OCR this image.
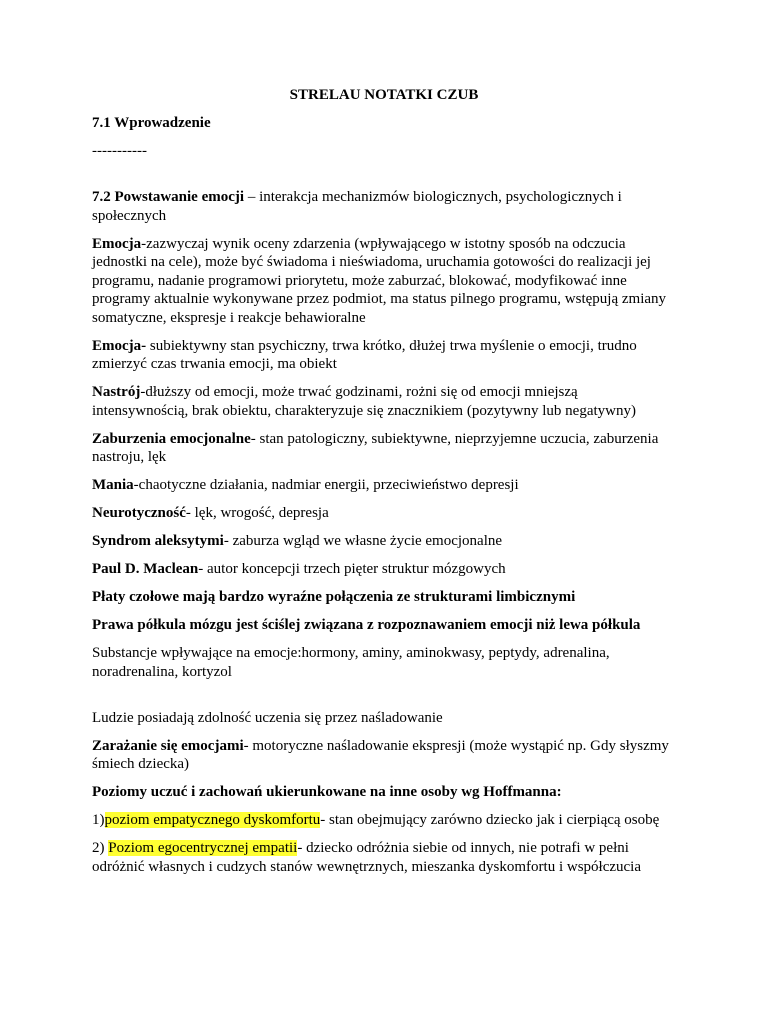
STRELAU NOTATKI CZUB

7.1 Wprowadzenie

-----------

7.2 Powstawanie emocji – interakcja mechanizmów biologicznych, psychologicznych i społecznych

Emocja-zazwyczaj wynik oceny zdarzenia (wpływającego w istotny sposób na odczucia jednostki na cele), może być świadoma i nieświadoma, uruchamia gotowości do realizacji jej programu, nadanie programowi priorytetu, może zaburzać, blokować, modyfikować inne programy aktualnie wykonywane przez podmiot, ma status pilnego programu, wstępują zmiany somatyczne, ekspresje i reakcje behawioralne

Emocja- subiektywny stan psychiczny, trwa krótko, dłużej trwa myślenie o emocji, trudno zmierzyć czas trwania emocji, ma obiekt

Nastrój-dłuższy od emocji, może trwać godzinami, rożni się od emocji mniejszą intensywnością, brak obiektu, charakteryzuje się znacznikiem (pozytywny lub negatywny)

Zaburzenia emocjonalne- stan patologiczny, subiektywne, nieprzyjemne uczucia, zaburzenia nastroju, lęk

Mania-chaotyczne działania, nadmiar energii, przeciwieństwo depresji

Neurotyczność- lęk, wrogość, depresja

Syndrom aleksytymi- zaburza wgląd we własne życie emocjonalne

Paul D. Maclean- autor koncepcji trzech pięter struktur mózgowych

Płaty czołowe mają bardzo wyraźne połączenia ze strukturami limbicznymi

Prawa półkula mózgu jest ściślej związana z rozpoznawaniem emocji niż lewa półkula

Substancje wpływające na emocje:hormony, aminy, aminokwasy, peptydy, adrenalina, noradrenalina, kortyzol

Ludzie posiadają zdolność uczenia się przez naśladowanie

Zarażanie się emocjami- motoryczne naśladowanie ekspresji (może wystąpić np. Gdy słyszmy śmiech dziecka)

Poziomy uczuć i zachowań ukierunkowane na inne osoby wg Hoffmanna:

1)poziom empatycznego dyskomfortu- stan obejmujący zarówno dziecko jak i cierpiącą osobę

2) Poziom egocentrycznej empatii- dziecko odróżnia siebie od innych, nie potrafi w pełni odróżnić własnych i cudzych stanów wewnętrznych, mieszanka dyskomfortu i współczucia
